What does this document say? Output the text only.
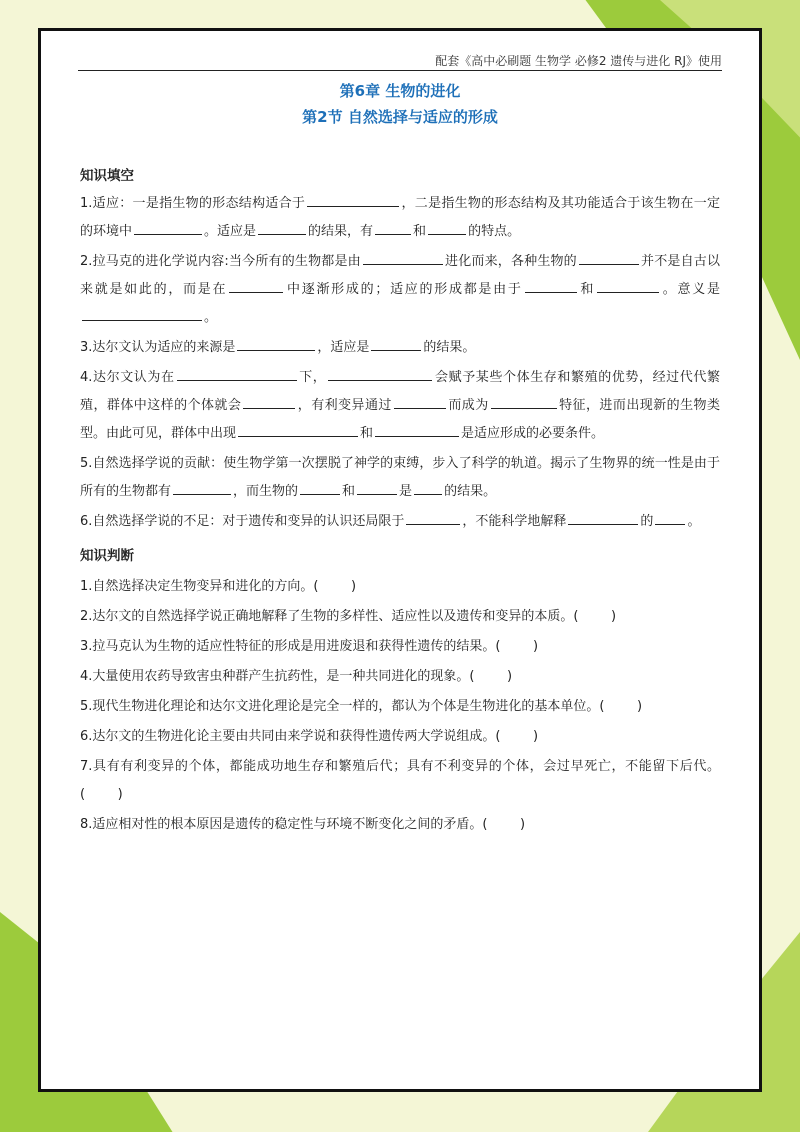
配套《高中必刷题 生物学 必修2 遗传与进化 RJ》使用
第6章 生物的进化
第2节 自然选择与适应的形成
知识填空

1.适应：一是指生物的形态结构适合于	，二是指生物的形态结构及其功能适合于该生物在一定的环境中	。适应是	的结果，有	和	的特点。

2.拉马克的进化学说内容:当今所有的生物都是由	进化而来，各种生物的	并不是自古以来就是如此的，而是在	中逐渐形成的；适应的形成都是由于	和	。意义是。

3.达尔文认为适应的来源是	，适应是	的结果。

4.达尔文认为在	下，	会赋予某些个体生存和繁殖的优势，经过代代繁殖，群体中这样的个体就会	，有利变异通过	而成为	特征，进而出现新的生物类型。由此可见，群体中出现	和	是适应形成的必要条件。

5.自然选择学说的贡献：使生物学第一次摆脱了神学的束缚，步入了科学的轨道。揭示了生物界的统一性是由于所有的生物都有	，而生物的	和	是 的结果。

6.自然选择学说的不足：对于遗传和变异的认识还局限于	，不能科学地解释	的	。

知识判断

1.自然选择决定生物变异和进化的方向。(   	)

2.达尔文的自然选择学说正确地解释了生物的多样性、适应性以及遗传和变异的本质。(   	)

3.拉马克认为生物的适应性特征的形成是用进废退和获得性遗传的结果。(   	)

4.大量使用农药导致害虫种群产生抗药性，是一种共同进化的现象。(   	)

5.现代生物进化理论和达尔文进化理论是完全一样的，都认为个体是生物进化的基本单位。(   	)

6.达尔文的生物进化论主要由共同由来学说和获得性遗传两大学说组成。(   	)

7.具有有利变异的个体，都能成功地生存和繁殖后代；具有不利变异的个体，会过早死亡，不能留下后代。(   	)

8.适应相对性的根本原因是遗传的稳定性与环境不断变化之间的矛盾。(   	)
